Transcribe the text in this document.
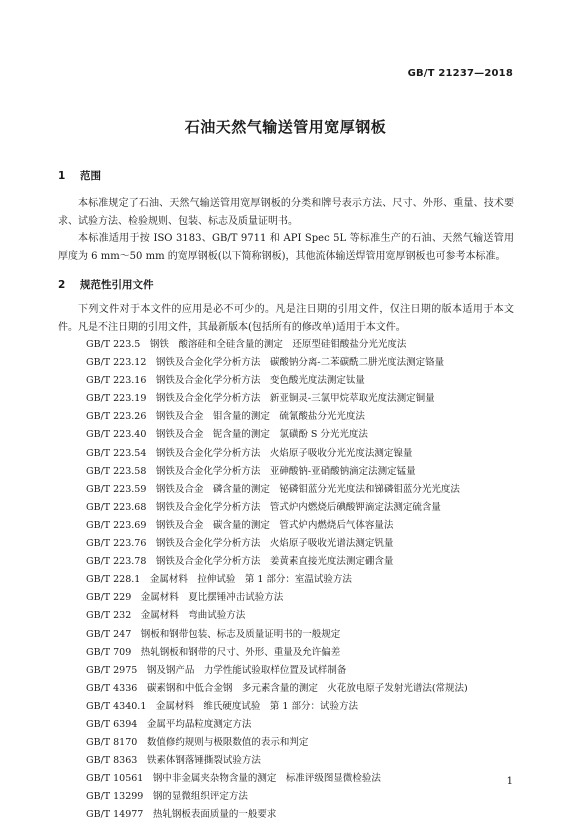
GB/T 21237—2018
石油天然气输送管用宽厚钢板
1 范围
本标准规定了石油、天然气输送管用宽厚钢板的分类和牌号表示方法、尺寸、外形、重量、技术要求、试验方法、检验规则、包装、标志及质量证明书。
本标准适用于按 ISO 3183、GB/T 9711 和 API Spec 5L 等标准生产的石油、天然气输送管用厚度为 6 mm～50 mm 的宽厚钢板(以下简称钢板)，其他流体输送焊管用宽厚钢板也可参考本标准。
2 规范性引用文件
下列文件对于本文件的应用是必不可少的。凡是注日期的引用文件，仅注日期的版本适用于本文件。凡是不注日期的引用文件，其最新版本(包括所有的修改单)适用于本文件。
GB/T 223.5  钢铁　酸溶硅和全硅含量的测定　还原型硅钼酸盐分光光度法
GB/T 223.12  钢铁及合金化学分析方法　碳酸钠分离-二苯碳酰二肼光度法测定铬量
GB/T 223.16  钢铁及合金化学分析方法　变色酸光度法测定钛量
GB/T 223.19  钢铁及合金化学分析方法　新亚铜灵-三氯甲烷萃取光度法测定铜量
GB/T 223.26  钢铁及合金　钼含量的测定　硫氰酸盐分光光度法
GB/T 223.40  钢铁及合金　铌含量的测定　氯磺酚 S 分光光度法
GB/T 223.54  钢铁及合金化学分析方法　火焰原子吸收分光光度法测定镍量
GB/T 223.58  钢铁及合金化学分析方法　亚砷酸钠-亚硝酸钠滴定法测定锰量
GB/T 223.59  钢铁及合金　磷含量的测定　铋磷钼蓝分光光度法和锑磷钼蓝分光光度法
GB/T 223.68  钢铁及合金化学分析方法　管式炉内燃烧后碘酸钾滴定法测定硫含量
GB/T 223.69  钢铁及合金　碳含量的测定　管式炉内燃烧后气体容量法
GB/T 223.76  钢铁及合金化学分析方法　火焰原子吸收光谱法测定钒量
GB/T 223.78  钢铁及合金化学分析方法　姜黄素直接光度法测定硼含量
GB/T 228.1  金属材料　拉伸试验　第 1 部分：室温试验方法
GB/T 229  金属材料　夏比摆锤冲击试验方法
GB/T 232  金属材料　弯曲试验方法
GB/T 247  钢板和钢带包装、标志及质量证明书的一般规定
GB/T 709  热轧钢板和钢带的尺寸、外形、重量及允许偏差
GB/T 2975  钢及钢产品　力学性能试验取样位置及试样制备
GB/T 4336  碳素钢和中低合金钢　多元素含量的测定　火花放电原子发射光谱法(常规法)
GB/T 4340.1  金属材料　维氏硬度试验　第 1 部分：试验方法
GB/T 6394  金属平均晶粒度测定方法
GB/T 8170  数值修约规则与极限数值的表示和判定
GB/T 8363  铁素体钢落锤撕裂试验方法
GB/T 10561  钢中非金属夹杂物含量的测定　标准评级图显微检验法
GB/T 13299  钢的显微组织评定方法
GB/T 14977  热轧钢板表面质量的一般要求
1
